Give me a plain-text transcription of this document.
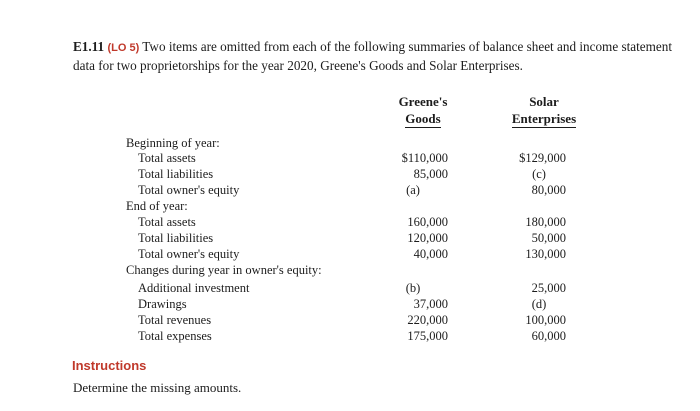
E1.11 (LO 5) Two items are omitted from each of the following summaries of balance sheet and income statement data for two proprietorships for the year 2020, Greene's Goods and Solar Enterprises.
Greene's
Goods
Solar
Enterprises
Beginning of year:
Total assets	$110,000	$129,000
Total liabilities	85,000	(c)
Total owner's equity	(a)	80,000
End of year:
Total assets	160,000	180,000
Total liabilities	120,000	50,000
Total owner's equity	40,000	130,000
Changes during year in owner's equity:
Additional investment	(b)	25,000
Drawings	37,000	(d)
Total revenues	220,000	100,000
Total expenses	175,000	60,000
Instructions
Determine the missing amounts.
